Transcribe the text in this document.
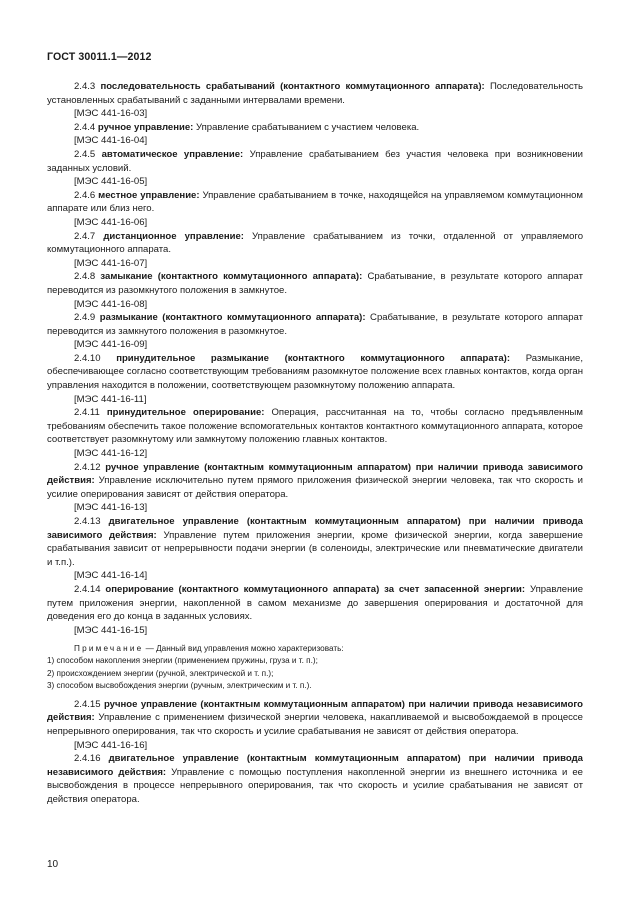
ГОСТ 30011.1—2012

2.4.3 последовательность срабатываний (контактного коммутационного аппарата): Последовательность установленных срабатываний с заданными интервалами времени.

[МЭС 441-16-03]

2.4.4 ручное управление: Управление срабатыванием с участием человека.

[МЭС 441-16-04]

2.4.5 автоматическое управление: Управление срабатыванием без участия человека при возникновении заданных условий.

[МЭС 441-16-05]

2.4.6 местное управление: Управление срабатыванием в точке, находящейся на управляемом коммутационном аппарате или близ него.

[МЭС 441-16-06]

2.4.7 дистанционное управление: Управление срабатыванием из точки, отдаленной от управляемого коммутационного аппарата.

[МЭС 441-16-07]

2.4.8 замыкание (контактного коммутационного аппарата): Срабатывание, в результате которого аппарат переводится из разомкнутого положения в замкнутое.

[МЭС 441-16-08]

2.4.9 размыкание (контактного коммутационного аппарата): Срабатывание, в результате которого аппарат переводится из замкнутого положения в разомкнутое.

[МЭС 441-16-09]

2.4.10 принудительное размыкание (контактного коммутационного аппарата): Размыкание, обеспечивающее согласно соответствующим требованиям разомкнутое положение всех главных контактов, когда орган управления находится в положении, соответствующем разомкнутому положению аппарата.

[МЭС 441-16-11]

2.4.11 принудительное оперирование: Операция, рассчитанная на то, чтобы согласно предъявленным требованиям обеспечить такое положение вспомогательных контактов контактного коммутационного аппарата, которое соответствует разомкнутому или замкнутому положению главных контактов.

[МЭС 441-16-12]

2.4.12 ручное управление (контактным коммутационным аппаратом) при наличии привода зависимого действия: Управление исключительно путем прямого приложения физической энергии человека, так что скорость и усилие оперирования зависят от действия оператора.

[МЭС 441-16-13]

2.4.13 двигательное управление (контактным коммутационным аппаратом) при наличии привода зависимого действия: Управление путем приложения энергии, кроме физической энергии, когда завершение срабатывания зависит от непрерывности подачи энергии (в соленоиды, электрические или пневматические двигатели и т.п.).

[МЭС 441-16-14]

2.4.14 оперирование (контактного коммутационного аппарата) за счет запасенной энергии: Управление путем приложения энергии, накопленной в самом механизме до завершения оперирования и достаточной для доведения его до конца в заданных условиях.

[МЭС 441-16-15]

Примечание — Данный вид управления можно характеризовать:
1) способом накопления энергии (применением пружины, груза и т. п.);
2) происхождением энергии (ручной, электрической и т. п.);
3) способом высвобождения энергии (ручным, электрическим и т. п.).

2.4.15 ручное управление (контактным коммутационным аппаратом) при наличии привода независимого действия: Управление с применением физической энергии человека, накапливаемой и высвобождаемой в процессе непрерывного оперирования, так что скорость и усилие срабатывания не зависят от действия оператора.

[МЭС 441-16-16]

2.4.16 двигательное управление (контактным коммутационным аппаратом) при наличии привода независимого действия: Управление с помощью поступления накопленной энергии из внешнего источника и ее высвобождения в процессе непрерывного оперирования, так что скорость и усилие срабатывания не зависят от действия оператора.

10
